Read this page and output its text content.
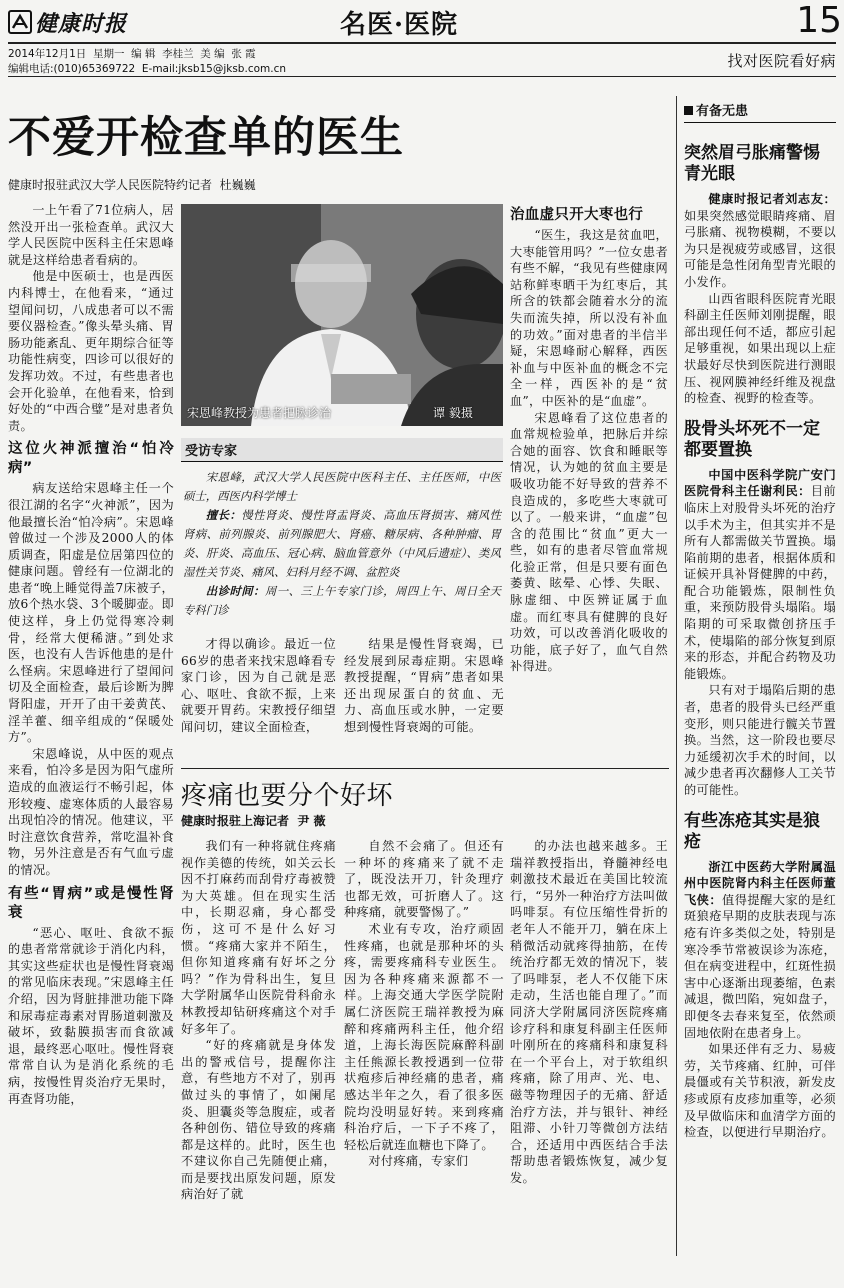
健康时报	名医·医院	15
2014年12月1日  星期一  编 辑  李桂兰  美 编  张 霞
编辑电话:(010)65369722  E-mail:jksb15@jksb.com.cn	找对医院看好病
不爱开检查单的医生
健康时报驻武汉大学人民医院特约记者  杜巍巍

一上午看了71位病人，居然没开出一张检查单。武汉大学人民医院中医科主任宋恩峰就是这样给患者看病的。

他是中医硕士，也是西医内科博士，在他看来，“通过望闻问切，八成患者可以不需要仪器检查。”像头晕头痛、胃肠功能紊乱、更年期综合征等功能性病变，四诊可以很好的发挥功效。不过，有些患者也会开化验单，在他看来，恰到好处的“中西合璧”是对患者负责。

这位火神派擅治“怕冷病”

病友送给宋恩峰主任一个很江湖的名字“火神派”，因为他最擅长治“怕冷病”。宋恩峰曾做过一个涉及2000人的体质调查，阳虚是位居第四位的健康问题。曾经有一位湖北的患者“晚上睡觉得盖7床被子，放6个热水袋、3个暖脚壶。即使这样，身上仍觉得寒冷刺骨，经常大便稀溏。”到处求医，也没有人告诉他患的是什么怪病。宋恩峰进行了望闻问切及全面检查，最后诊断为脾肾阳虚，开开了由干姜黄芪、淫羊藿、细辛组成的“保暖处方”。

宋恩峰说，从中医的观点来看，怕冷多是因为阳气虚所造成的血液运行不畅引起，体形较瘦、虚寒体质的人最容易出现怕冷的情况。他建议，平时注意饮食营养，常吃温补食物，另外注意是否有气血亏虚的情况。

有些“胃病”或是慢性肾衰

“恶心、呕吐、食欲不振的患者常常就诊于消化内科，其实这些症状也是慢性肾衰竭的常见临床表现。”宋恩峰主任介绍，因为肾脏排泄功能下降和尿毒症毒素对胃肠道刺激及破坏，致黏膜损害而食欲减退，最终恶心呕吐。慢性肾衰常常自认为是消化系统的毛病，按慢性胃炎治疗无果时，再查肾功能，

宋恩峰教授为患者把脉诊治	谭 毅摄
受访专家

宋恩峰，武汉大学人民医院中医科主任、主任医师，中医硕士，西医内科学博士

擅长：慢性肾炎、慢性肾盂肾炎、高血压肾损害、痛风性肾病、前列腺炎、前列腺肥大、肾癌、糖尿病、各种肿瘤、胃炎、肝炎、高血压、冠心病、脑血管意外（中风后遗症）、类风湿性关节炎、痛风、妇科月经不调、盆腔炎

出诊时间：周一、三上午专家门诊，周四上午、周日全天专科门诊

才得以确诊。最近一位66岁的患者来找宋恩峰看专家门诊，因为自己就是恶心、呕吐、食欲不振，上来就要开胃药。宋教授仔细望闻问切，建议全面检查，

结果是慢性肾衰竭，已经发展到尿毒症期。宋恩峰教授提醒，“胃病”患者如果还出现尿蛋白的贫血、无力、高血压或水肿，一定要想到慢性肾衰竭的可能。

治血虚只开大枣也行

“医生，我这是贫血吧，大枣能管用吗？”一位女患者有些不解，“我见有些健康网站称鲜枣晒干为红枣后，其所含的铁都会随着水分的流失而流失掉，所以没有补血的功效。”面对患者的半信半疑，宋恩峰耐心解释，西医补血与中医补血的概念不完全一样，西医补的是“贫血”，中医补的是“血虚”。

宋恩峰看了这位患者的血常规检验单，把脉后并综合她的面容、饮食和睡眠等情况，认为她的贫血主要是吸收功能不好导致的营养不良造成的，多吃些大枣就可以了。一般来讲，“血虚”包含的范围比“贫血”更大一些，如有的患者尽管血常规化验正常，但是只要有面色萎黄、眩晕、心悸、失眠、脉虚细、中医辨证属于血虚。而红枣具有健脾的良好功效，可以改善消化吸收的功能，底子好了，血气自然补得进。

疼痛也要分个好坏
健康时报驻上海记者  尹 薇

我们有一种将就住疼痛视作美德的传统，如关云长因不打麻药而刮骨疗毒被赞为大英雄。但在现实生活中，长期忍痛，身心都受伤，这可不是什么好习惯。“疼痛大家并不陌生，但你知道疼痛有好坏之分吗？”作为骨科出生，复旦大学附属华山医院骨科俞永林教授却钻研疼痛这个对手好多年了。

“好的疼痛就是身体发出的警戒信号，提醒你注意，有些地方不对了，别再做过头的事情了，如阑尾炎、胆囊炎等急腹症，或者各种创伤、错位导致的疼痛都是这样的。此时，医生也不建议你自己先随便止痛，而是要找出原发问题，原发病治好了就

自然不会痛了。但还有一种坏的疼痛来了就不走了，既没法开刀，针灸理疗也都无效，可折磨人了。这种疼痛，就要警惕了。”

术业有专攻，治疗顽固性疼痛，也就是那种坏的头疼，需要疼痛科专业医生。因为各种疼痛来源都不一样。上海交通大学医学院附属仁济医院王瑞祥教授为麻醉和疼痛两科主任，他介绍道，上海长海医院麻醉科副主任熊源长教授遇到一位带状疱疹后神经痛的患者，痛感达半年之久，看了很多医院均没明显好转。来到疼痛科治疗后，一下子不疼了，轻松后就连血糖也下降了。

对付疼痛，专家们

的办法也越来越多。王瑞祥教授指出，脊髓神经电刺激技术最近在美国比较流行，“另外一种治疗方法叫做吗啡泵。有位压缩性骨折的老年人不能开刀，躺在床上稍微活动就疼得抽筋，在传统治疗都无效的情况下，装了吗啡泵，老人不仅能下床走动，生活也能自理了。”而同济大学附属同济医院疼痛诊疗科和康复科副主任医师叶刚所在的疼痛科和康复科在一个平台上，对于软组织疼痛，除了用声、光、电、磁等物理因子的无痛、舒适治疗方法，并与银针、神经阻滞、小针刀等微创方法结合，还适用中西医结合手法帮助患者锻炼恢复，减少复发。

有备无患
突然眉弓胀痛警惕青光眼

健康时报记者刘志友：如果突然感觉眼睛疼痛、眉弓胀痛、视物模糊，不要以为只是视疲劳或感冒，这很可能是急性闭角型青光眼的小发作。

山西省眼科医院青光眼科副主任医师刘刚提醒，眼部出现任何不适，都应引起足够重视，如果出现以上症状最好尽快到医院进行测眼压、视网膜神经纤维及视盘的检查、视野的检查等。

股骨头坏死不一定都要置换

中国中医科学院广安门医院骨科主任谢利民：目前临床上对股骨头坏死的治疗以手术为主，但其实并不是所有人都需做关节置换。塌陷前期的患者，根据体质和证候开具补肾健脾的中药，配合功能锻炼，限制性负重，来预防股骨头塌陷。塌陷期的可采取微创挤压手术，使塌陷的部分恢复到原来的形态，并配合药物及功能锻炼。

只有对于塌陷后期的患者，患者的股骨头已经严重变形，则只能进行髋关节置换。当然，这一阶段也要尽力延缓初次手术的时间，以减少患者再次翻修人工关节的可能性。

有些冻疮其实是狼疮

浙江中医药大学附属温州中医院肾内科主任医师董飞侠：值得提醒大家的是红斑狼疮早期的皮肤表现与冻疮有许多类似之处，特别是寒冷季节常被误诊为冻疮，但在病变进程中，红斑性损害中心逐渐出现萎缩，色素减退，微凹陷，宛如盘子，即便冬去春来复至，依然顽固地依附在患者身上。

如果还伴有乏力、易疲劳，关节疼痛、红肿，可伴晨僵或有关节积液，新发皮疹或原有皮疹加重等，必须及早做临床和血清学方面的检查，以便进行早期治疗。
